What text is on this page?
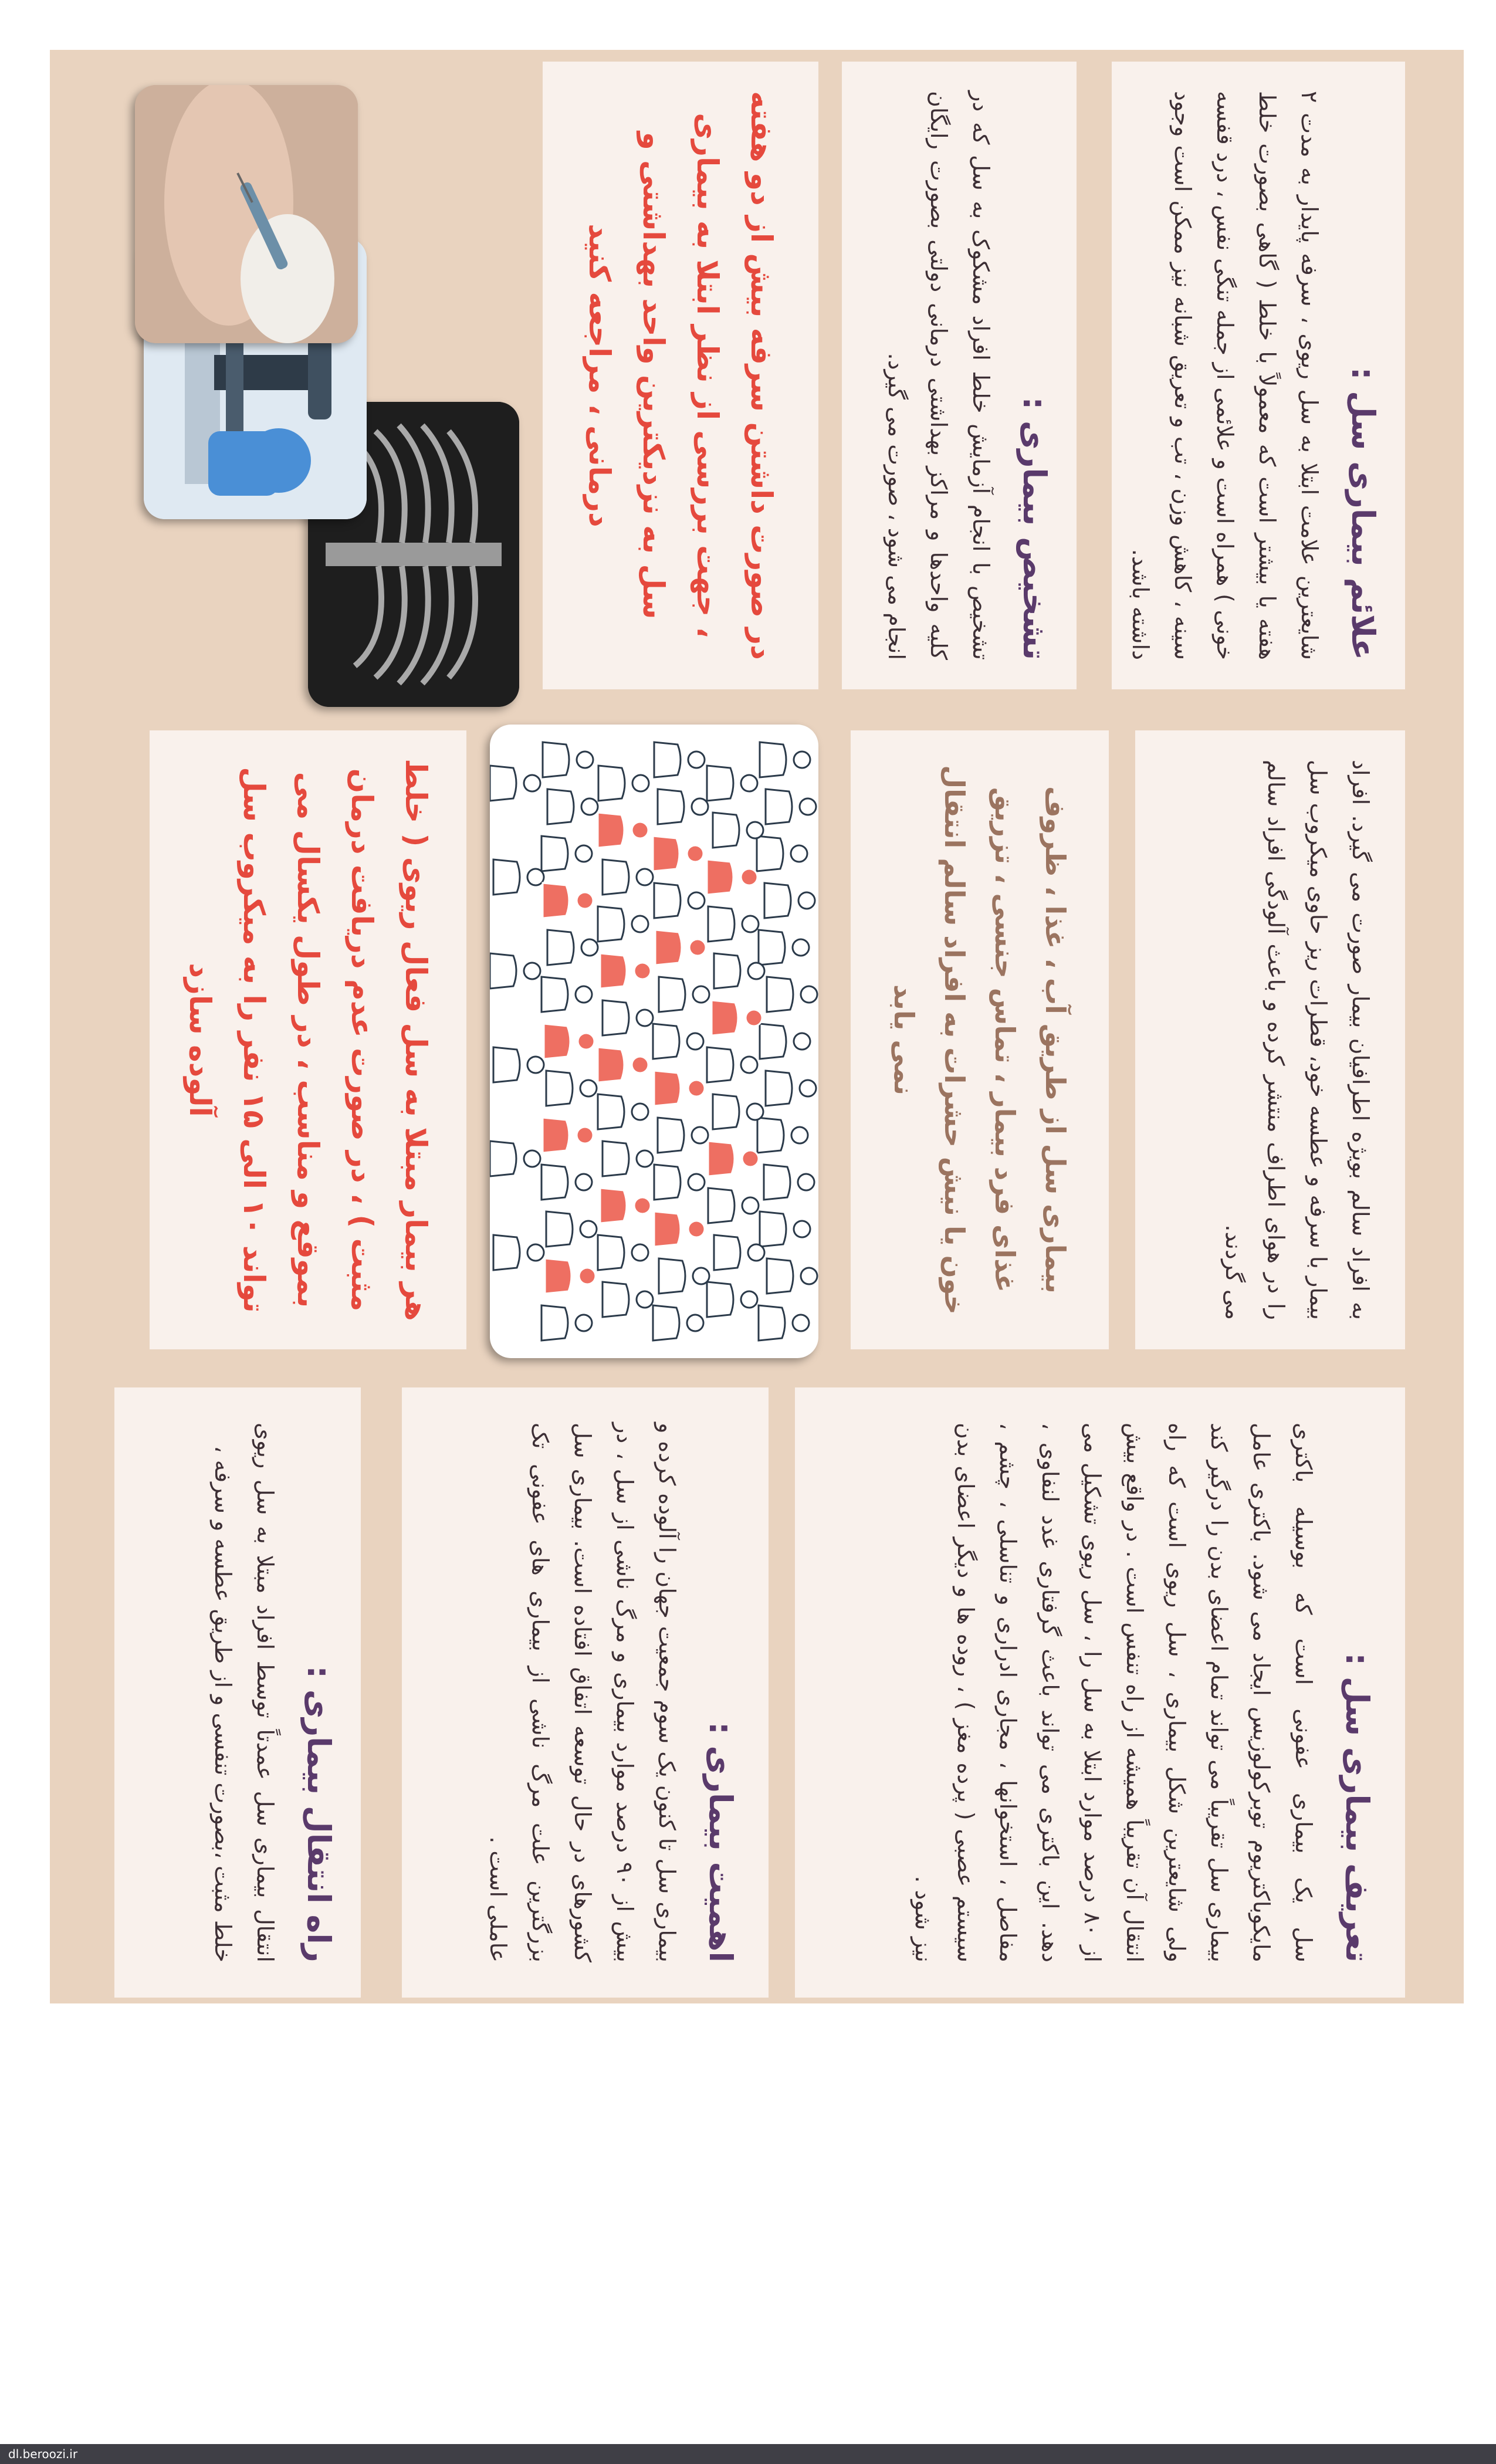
تعریف بیماری سل :

سل یک بیماری عفونی است که بوسیله باکتری مایکوباکتریوم توبرکولوزیس ایجاد می شود. باکتری عامل بیماری سل تقریباً می تواند تمام اعضای بدن را درگیر کند ولی شایعترین شکل بیماری ، سل ریوی است که راه انتقال آن تقریباً همیشه از راه تنفس است . در واقع بیش از ۸۰ درصد موارد ابتلا به سل را ، سل ریوی تشکیل می دهد. این باکتری می تواند باعث گرفتاری غدد لنفاوی ، مفاصل ، استخوانها ، مجاری ادراری و تناسلی ، چشم ، سیستم عصبی ( پرده مغز ) ، روده ها و دیگر اعضای بدن نیز شود .

اهمیت بیماری :

بیماری سل تا کنون یک سوم جمعیت جهان را آلوده کرده و بیش از ۹۰ درصد موارد بیماری و مرگ ناشی از سل ، در کشورهای در حال توسعه اتفاق افتاده است. بیماری سل بزرگترین علت مرگ ناشی از بیماری های عفونی تک عاملی است .

راه انتقال بیماری :

انتقال بیماری سل عمدتاً توسط افراد مبتلا به سل ریوی خلط مثبت ،بصورت تنفسی و از طریق عطسه و سرفه ،

به افراد سالم بویژه اطرافیان بیمار صورت می گیرد. افراد بیمار با سرفه و عطسه خود، قطرات ریز حاوی میکروب سل را در هوای اطراف منتشر کرده و باعث آلودگی افراد سالم می گردند.

بیماری سل از طریق آب ، غذا ، ظروف غذای فرد بیمار ، تماس جنسی ، تزریق خون یا نیش حشرات به افراد سالم انتقال نمی یابد

هر بیمار مبتلا به سل فعال ریوی ( خلط مثبت ) ، در صورت عدم دریافت درمان بموقع و مناسب ، در طول یکسال می تواند ۱۰ الی ۱۵ نفر را به میکروب سل آلوده سازد

علائم بیماری سل :

شایعترین علامت ابتلا به سل ریوی ، سرفه پایدار به مدت ۲ هفته یا بیشتر است که معمولاً با خلط ( گاهی بصورت خلط خونی ) همراه است و علائمی از جمله تنگی نفس ، درد قفسه سینه ، کاهش وزن ، تب و تعریق شبانه نیز ممکن است وجود داشته باشد.

تشخیص بیماری :

تشخیص با انجام آزمایش خلط افراد مشکوک به سل که در کلیه واحدها و مراکز بهداشتی درمانی دولتی بصورت رایگان انجام می شود ، صورت می گیرد.

در صورت داشتن سرفه بیش از دو هفته ، جهت بررسی از نظر ابتلا به بیماری سل به نزدیکترین واحد بهداشتی و درمانی ، مراجعه کنید

dl.beroozi.ir
